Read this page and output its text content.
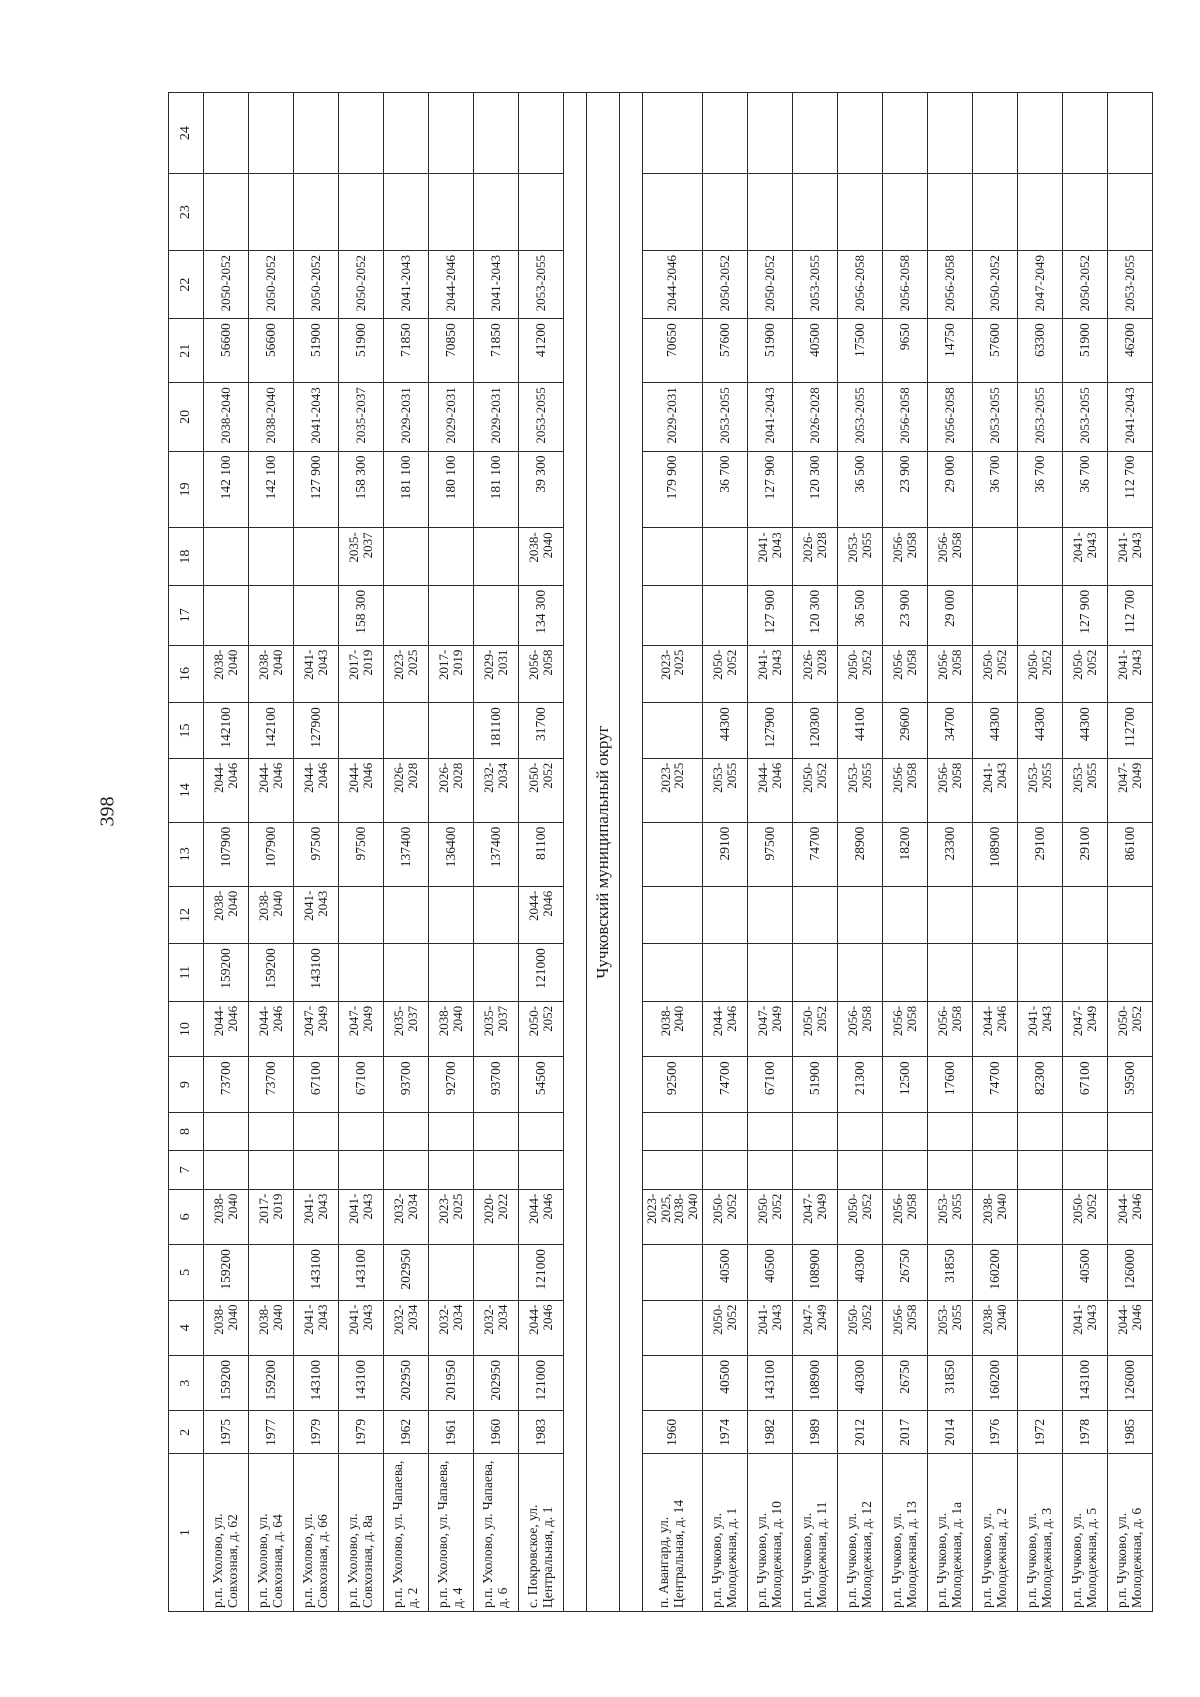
398
1	2	3	4	5	6	7	8	9	10	11	12	13	14	15	16	17	18	19	20	21	22	23	24
р.п. Ухолово, ул. Совхозная, д. 62	1975	159200	2038-2040	159200	2038-2040			73700	2044-2046	159200	2038-2040	107900	2044-2046	142100	2038-2040			142 100	2038-2040	56600	2050-2052		
р.п. Ухолово, ул. Совхозная, д. 64	1977	159200	2038-2040		2017-2019			73700	2044-2046	159200	2038-2040	107900	2044-2046	142100	2038-2040			142 100	2038-2040	56600	2050-2052		
р.п. Ухолово, ул. Совхозная, д. 66	1979	143100	2041-2043	143100	2041-2043			67100	2047-2049	143100	2041-2043	97500	2044-2046	127900	2041-2043			127 900	2041-2043	51900	2050-2052		
р.п. Ухолово, ул. Совхозная, д. 8а	1979	143100	2041-2043	143100	2041-2043			67100	2047-2049			97500	2044-2046		2017-2019	158 300	2035-2037	158 300	2035-2037	51900	2050-2052		
р.п. Ухолово, ул. Чапаева, д. 2	1962	202950	2032-2034	202950	2032-2034			93700	2035-2037			137400	2026-2028		2023-2025			181 100	2029-2031	71850	2041-2043		
р.п. Ухолово, ул. Чапаева, д. 4	1961	201950	2032-2034		2023-2025			92700	2038-2040			136400	2026-2028		2017-2019			180 100	2029-2031	70850	2044-2046		
р.п. Ухолово, ул. Чапаева, д. 6	1960	202950	2032-2034		2020-2022			93700	2035-2037			137400	2032-2034	181100	2029-2031			181 100	2029-2031	71850	2041-2043		
с. Покровское, ул. Центральная, д. 1	1983	121000	2044-2046	121000	2044-2046			54500	2050-2052	121000	2044-2046	81100	2050-2052	31700	2056-2058	134 300	2038-2040	39 300	2053-2055	41200	2053-2055		

Чучковский муниципальный округ																							

п. Авангард, ул. Центральная, д. 14	1960				2023-2025, 2038-2040			92500	2038-2040				2023-2025		2023-2025			179 900	2029-2031	70650	2044-2046		
р.п. Чучково, ул. Молодежная, д. 1	1974	40500	2050-2052	40500	2050-2052			74700	2044-2046			29100	2053-2055	44300	2050-2052			36 700	2053-2055	57600	2050-2052		
р.п. Чучково, ул. Молодежная, д. 10	1982	143100	2041-2043	40500	2050-2052			67100	2047-2049			97500	2044-2046	127900	2041-2043	127 900	2041-2043	127 900	2041-2043	51900	2050-2052		
р.п. Чучково, ул. Молодежная, д. 11	1989	108900	2047-2049	108900	2047-2049			51900	2050-2052			74700	2050-2052	120300	2026-2028	120 300	2026-2028	120 300	2026-2028	40500	2053-2055		
р.п. Чучково, ул. Молодежная, д. 12	2012	40300	2050-2052	40300	2050-2052			21300	2056-2058			28900	2053-2055	44100	2050-2052	36 500	2053-2055	36 500	2053-2055	17500	2056-2058		
р.п. Чучково, ул. Молодежная, д. 13	2017	26750	2056-2058	26750	2056-2058			12500	2056-2058			18200	2056-2058	29600	2056-2058	23 900	2056-2058	23 900	2056-2058	9650	2056-2058		
р.п. Чучково, ул. Молодежная, д. 1а	2014	31850	2053-2055	31850	2053-2055			17600	2056-2058			23300	2056-2058	34700	2056-2058	29 000	2056-2058	29 000	2056-2058	14750	2056-2058		
р.п. Чучково, ул. Молодежная, д. 2	1976	160200	2038-2040	160200	2038-2040			74700	2044-2046			108900	2041-2043	44300	2050-2052			36 700	2053-2055	57600	2050-2052		
р.п. Чучково, ул. Молодежная, д. 3	1972							82300	2041-2043			29100	2053-2055	44300	2050-2052			36 700	2053-2055	63300	2047-2049		
р.п. Чучково, ул. Молодежная, д. 5	1978	143100	2041-2043	40500	2050-2052			67100	2047-2049			29100	2053-2055	44300	2050-2052	127 900	2041-2043	36 700	2053-2055	51900	2050-2052		
р.п. Чучково, ул. Молодежная, д. 6	1985	126000	2044-2046	126000	2044-2046			59500	2050-2052			86100	2047-2049	112700	2041-2043	112 700	2041-2043	112 700	2041-2043	46200	2053-2055		
